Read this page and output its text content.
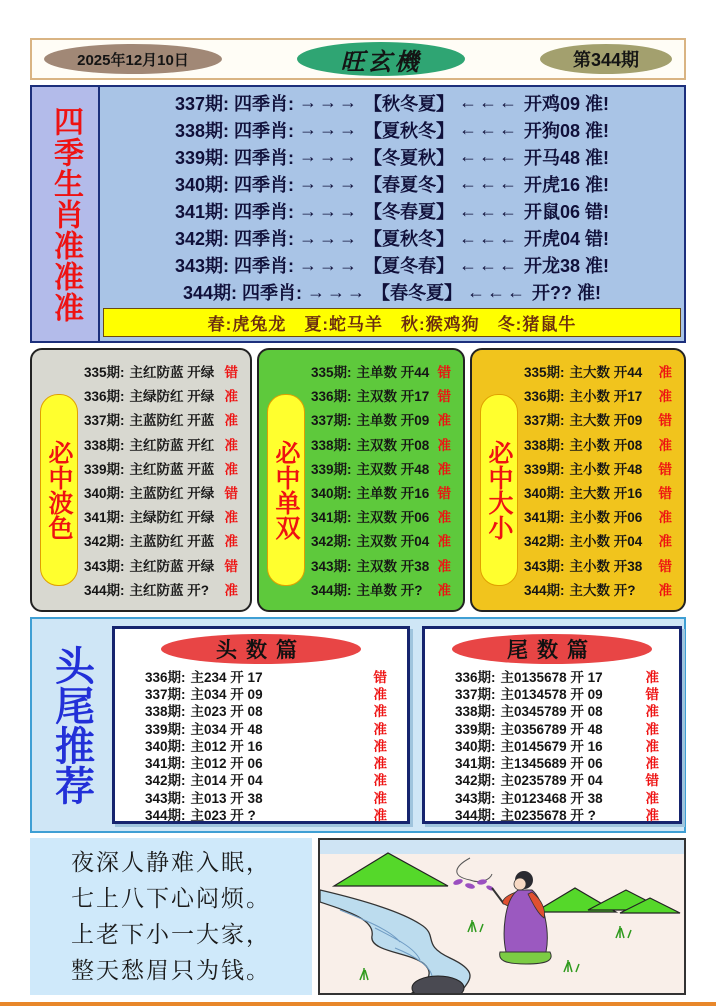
2025年12月10日	旺玄機	第344期
四季生肖准准准
337期: 四季肖: →→→ 【秋冬夏】 ←←← 开鸡09 准!
338期: 四季肖: →→→ 【夏秋冬】 ←←← 开狗08 准!
339期: 四季肖: →→→ 【冬夏秋】 ←←← 开马48 准!
340期: 四季肖: →→→ 【春夏冬】 ←←← 开虎16 准!
341期: 四季肖: →→→ 【冬春夏】 ←←← 开鼠06 错!
342期: 四季肖: →→→ 【夏秋冬】 ←←← 开虎04 错!
343期: 四季肖: →→→ 【夏冬春】 ←←← 开龙38 准!
344期: 四季肖: →→→ 【春冬夏】 ←←← 开?? 准!
春:虎兔龙　夏:蛇马羊　秋:猴鸡狗　冬:猪鼠牛
必中波色
335期: 主红防蓝 开绿 错
336期: 主绿防红 开绿 准
337期: 主蓝防红 开蓝 准
338期: 主红防蓝 开红 准
339期: 主红防蓝 开蓝 准
340期: 主蓝防红 开绿 错
341期: 主绿防红 开绿 准
342期: 主蓝防红 开蓝 准
343期: 主红防蓝 开绿 错
344期: 主红防蓝 开? 准
必中单双
335期: 主单数 开44 错
336期: 主双数 开17 错
337期: 主单数 开09 准
338期: 主双数 开08 准
339期: 主双数 开48 准
340期: 主单数 开16 错
341期: 主双数 开06 准
342期: 主双数 开04 准
343期: 主双数 开38 准
344期: 主单数 开? 准
必中大小
335期: 主大数 开44 准
336期: 主小数 开17 准
337期: 主大数 开09 错
338期: 主小数 开08 准
339期: 主小数 开48 错
340期: 主大数 开16 错
341期: 主小数 开06 准
342期: 主小数 开04 准
343期: 主小数 开38 错
344期: 主大数 开? 准
头尾推荐	头数篇
336期: 主234 开 17	错
337期: 主034 开 09	准
338期: 主023 开 08	准
339期: 主034 开 48	准
340期: 主012 开 16	准
341期: 主012 开 06	准
342期: 主014 开 04	准
343期: 主013 开 38	准
344期: 主023 开 ?	准
尾数篇
336期: 主0135678 开 17	准
337期: 主0134578 开 09	错
338期: 主0345789 开 08	准
339期: 主0356789 开 48	准
340期: 主0145679 开 16	准
341期: 主1345689 开 06	准
342期: 主0235789 开 04	错
343期: 主0123468 开 38	准
344期: 主0235678 开 ?	准
夜深人静难入眠，
七上八下心闷烦。
上老下小一大家，
整天愁眉只为钱。
